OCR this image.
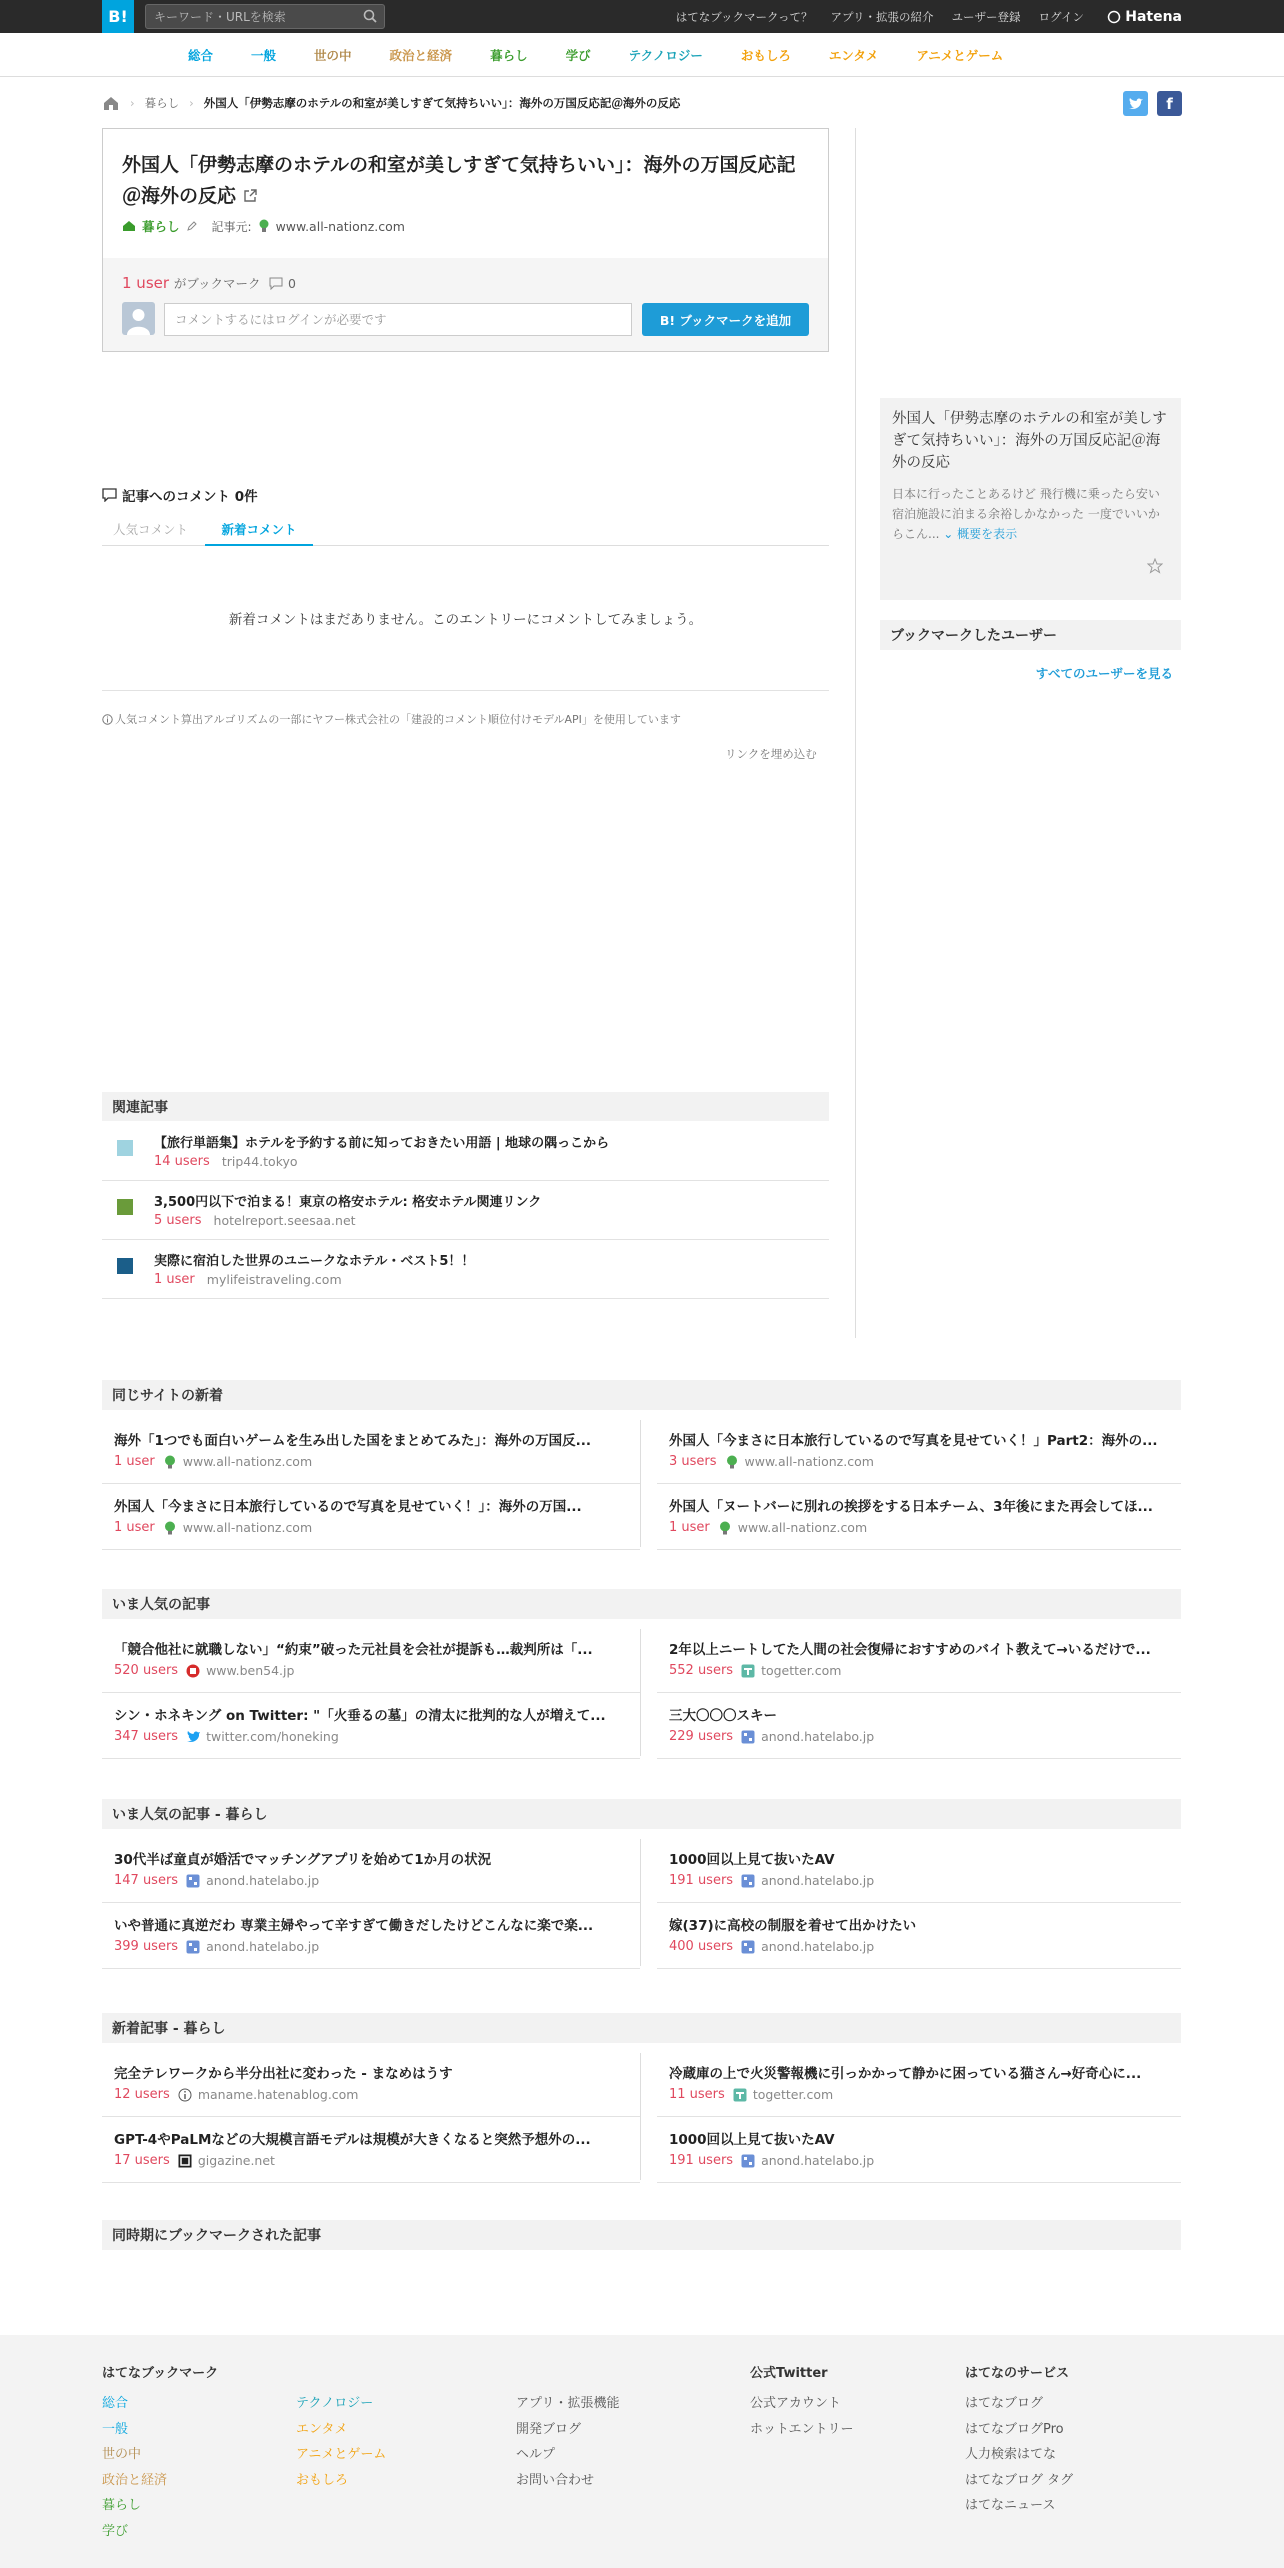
B!
キーワード・URLを検索	はてなブックマークって？ アプリ・拡張の紹介 ユーザー登録 ログイン	Hatena
総合	一般	世の中	政治と経済	暮らし	学び	テクノロジー	おもしろ	エンタメ	アニメとゲーム
› 暮らし › 外国人「伊勢志摩のホテルの和室が美しすぎて気持ちいい」：海外の万国反応記＠海外の反応	f
外国人「伊勢志摩のホテルの和室が美しすぎて気持ちいい」：海外の万国反応記＠海外の反応
暮らし	記事元: www.all-nationz.com
1 user がブックマーク 0
コメントするにはログインが必要です	B! ブックマークを追加
記事へのコメント 0件
人気コメント	新着コメント
新着コメントはまだありません。このエントリーにコメントしてみましょう。
人気コメント算出アルゴリズムの一部にヤフー株式会社の「建設的コメント順位付けモデルAPI」を使用しています
リンクを埋め込む
外国人「伊勢志摩のホテルの和室が美しすぎて気持ちいい」：海外の万国反応記＠海外の反応
日本に行ったことあるけど 飛行機に乗ったら安い宿泊施設に泊まる余裕しかなかった 一度でいいからこん... ⌄ 概要を表示
ブックマークしたユーザー
すべてのユーザーを見る
関連記事
【旅行単語集】ホテルを予約する前に知っておきたい用語 | 地球の隅っこから
14 users trip44.tokyo
3,500円以下で泊まる！東京の格安ホテル: 格安ホテル関連リンク
5 users hotelreport.seesaa.net
実際に宿泊した世界のユニークなホテル・ベスト5！！
1 user mylifeistraveling.com
同じサイトの新着
海外「1つでも面白いゲームを生み出した国をまとめてみた」：海外の万国反...
1 user www.all-nationz.com
外国人「今まさに日本旅行しているので写真を見せていく！」Part2：海外の...
3 users www.all-nationz.com
外国人「今まさに日本旅行しているので写真を見せていく！」：海外の万国...
1 user www.all-nationz.com
外国人「ヌートバーに別れの挨拶をする日本チーム、3年後にまた再会してほ...
1 user www.all-nationz.com
いま人気の記事
「競合他社に就職しない」“約束”破った元社員を会社が提訴も…裁判所は「...
520 users www.ben54.jp
2年以上ニートしてた人間の社会復帰におすすめのバイト教えて→いるだけで...
552 users togetter.com
シン・ホネキング on Twitter: "「火垂るの墓」の清太に批判的な人が増えて...
347 users twitter.com/honeking
三大〇〇〇スキー
229 users anond.hatelabo.jp
いま人気の記事 - 暮らし
30代半ば童貞が婚活でマッチングアプリを始めて1か月の状況
147 users anond.hatelabo.jp
1000回以上見て抜いたAV
191 users anond.hatelabo.jp
いや普通に真逆だわ 専業主婦やって辛すぎて働きだしたけどこんなに楽で楽...
399 users anond.hatelabo.jp
嫁(37)に高校の制服を着せて出かけたい
400 users anond.hatelabo.jp
新着記事 - 暮らし
完全テレワークから半分出社に変わった - まなめはうす
12 users maname.hatenablog.com
冷蔵庫の上で火災警報機に引っかかって静かに困っている猫さん→好奇心に...
11 users togetter.com
GPT-4やPaLMなどの大規模言語モデルは規模が大きくなると突然予想外の...
17 users gigazine.net
1000回以上見て抜いたAV
191 users anond.hatelabo.jp
同時期にブックマークされた記事
はてなブックマーク
総合
一般
世の中
政治と経済
暮らし
学び
テクノロジー
エンタメ
アニメとゲーム
おもしろ
アプリ・拡張機能
開発ブログ
ヘルプ
お問い合わせ
公式Twitter
公式アカウント
ホットエントリー
はてなのサービス
はてなブログ
はてなブログPro
人力検索はてな
はてなブログ タグ
はてなニュース
